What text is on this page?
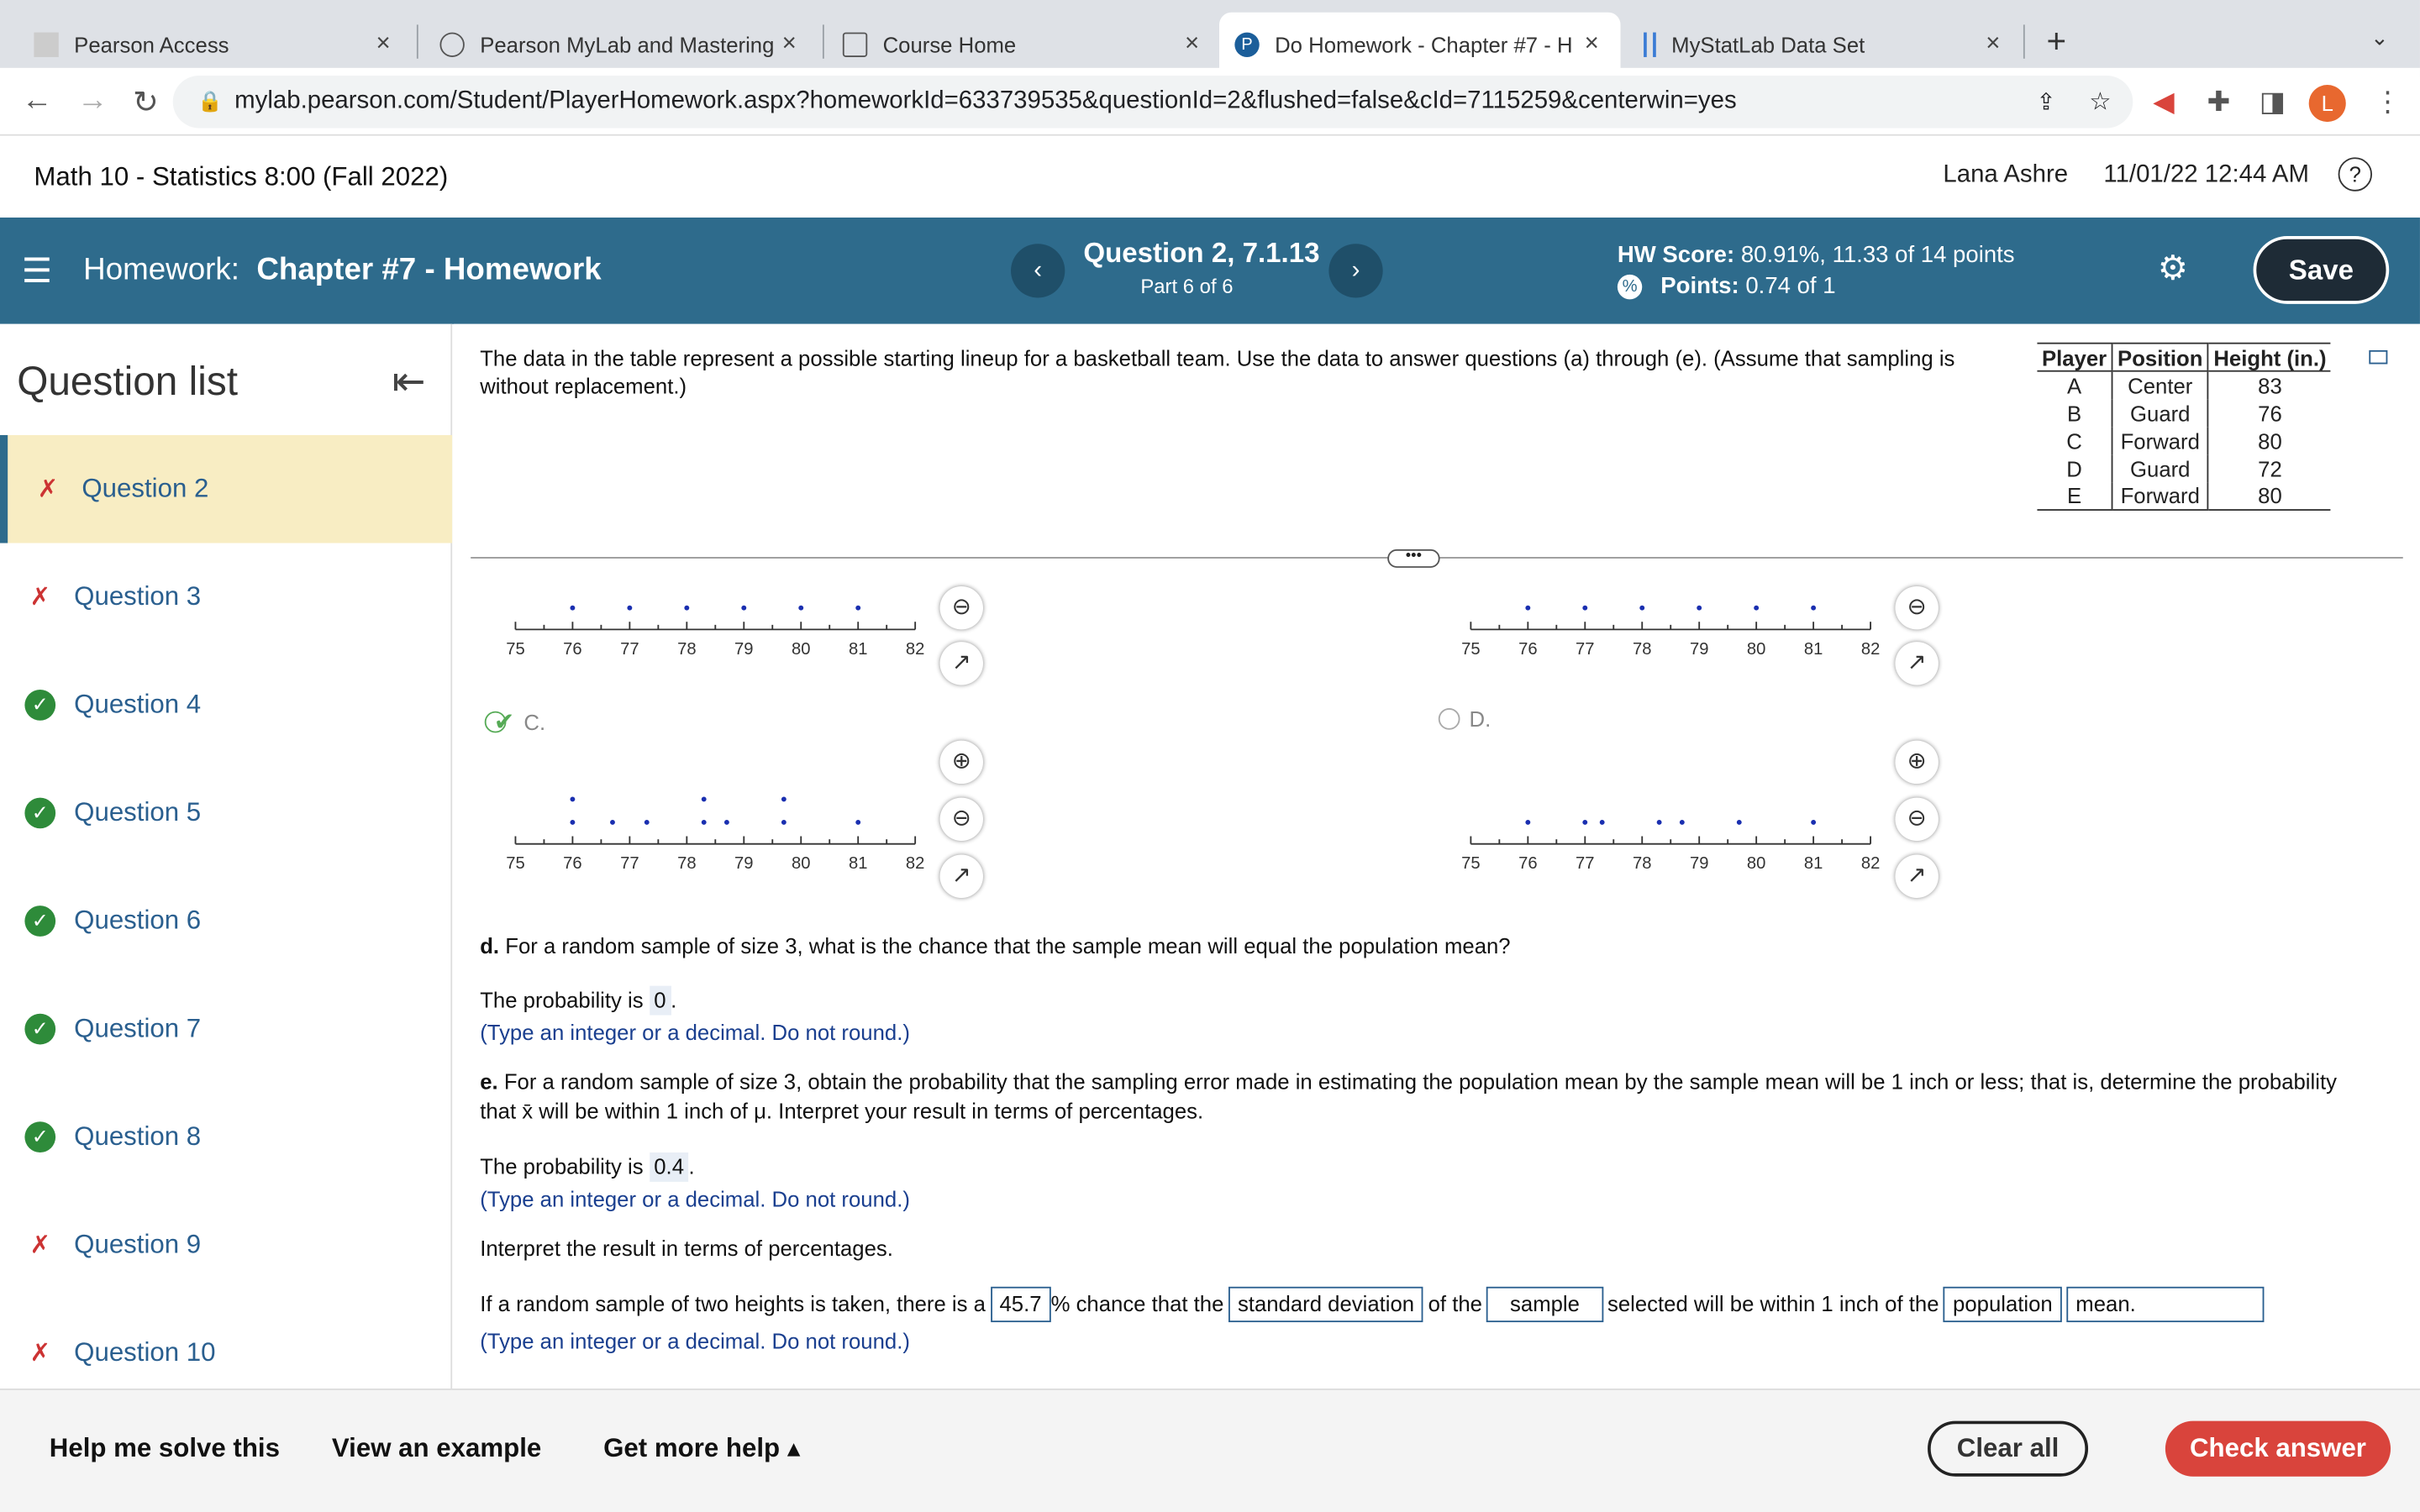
Pearson Access	×	Pearson MyLab and Mastering ×	Course Home	×	P	Do Homework - Chapter #7 - H ×	MyStatLab Data Set	×	+	⌄
← → ↻	🔒 mylab.pearson.com/Student/PlayerHomework.aspx?homeworkId=633739535&questionId=2&flushed=false&cId=7115259&centerwin=yes	⇪ ☆	◀ ✚ ◨	L	⋮
Math 10 - Statistics 8:00 (Fall 2022)	Lana Ashre	11/01/22 12:44 AM	?
☰ Homework: Chapter #7 - Homework	‹
Question 2, 7.1.13
Part 6 of 6
›
HW Score: 80.91%, 11.33 of 14 points
%	Points:
0.74 of 1	⚙	Save
Question list	⇤
✗	Question 2
✗	Question 3
✓	Question 4
✓	Question 5
✓	Question 6
✓	Question 7
✓	Question 8
✗	Question 9
✗	Question 10
The data in the table represent a possible starting lineup for a basketball team. Use the data to answer questions (a) through (e). (Assume that sampling is without replacement.)
Player	Position	Height (in.)
A	Center	83
B	Guard	76
C	Forward	80
D	Guard	72
E	Forward	80
•••
75	76	77	78	79	80	81	82	75	76	77	78	79	80	81	82
⊖
↗
⊖
↗
✔ C.	D.
⊕	⊕
75	76	77	78	79	80	81	82	75	76	77	78	79	80	81	82
⊖
↗
⊖
↗
d. For a random sample of size 3, what is the chance that the sample mean will equal the population mean?
The probability is 0 .
(Type an integer or a decimal. Do not round.)
e. For a random sample of size 3, obtain the probability that the sampling error made in estimating the population mean by the sample mean will be 1 inch or less; that is, determine the probability that x̄ will be within 1 inch of μ. Interpret your result in terms of percentages.
The probability is 0.4 .
(Type an integer or a decimal. Do not round.)
Interpret the result in terms of percentages.
If a random sample of two heights is taken, there is a	45.7 % chance that the	standard deviation	of the	sample	selected will be within 1 inch of the	population	mean.
(Type an integer or a decimal. Do not round.)
Help me solve this	View an example	Get more help ▴	Clear all	Check answer
